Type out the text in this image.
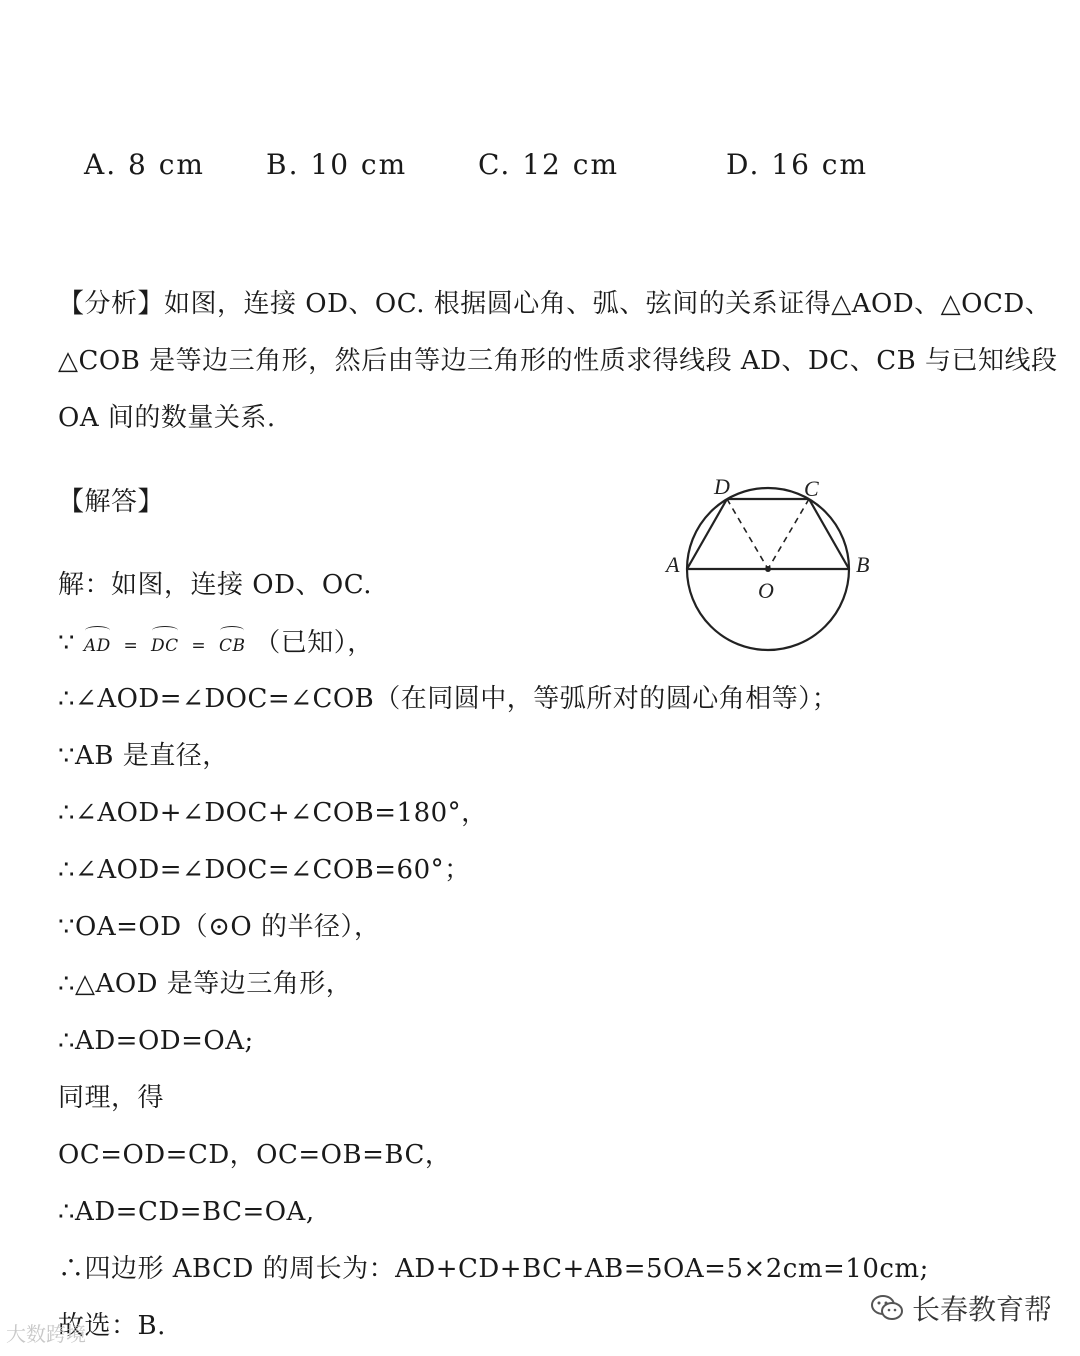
A. 8 cm B. 10 cm	C. 12 cm	D. 16 cm
【分析】如图，连接 OD、OC. 根据圆心角、弧、弦间的关系证得△AOD、△OCD、
△COB 是等边三角形，然后由等边三角形的性质求得线段 AD、DC、CB 与已知线段
OA 间的数量关系.
【解答】
解：如图，连接 OD、OC.
∵ AD = DC = CB （已知），
∴∠AOD=∠DOC=∠COB（在同圆中，等弧所对的圆心角相等）；
∵AB 是直径，
∴∠AOD+∠DOC+∠COB=180°，
∴∠AOD=∠DOC=∠COB=60°；
∵OA=OD（⊙O 的半径），
∴△AOD 是等边三角形，
∴AD=OD=OA;
同理，得
OC=OD=CD，OC=OB=BC，
∴AD=CD=BC=OA,
∴四边形 ABCD 的周长为：AD+CD+BC+AB=5OA=5×2cm=10cm;
故选：B.
A	B
C
D
O
大数跨境
长春教育帮
